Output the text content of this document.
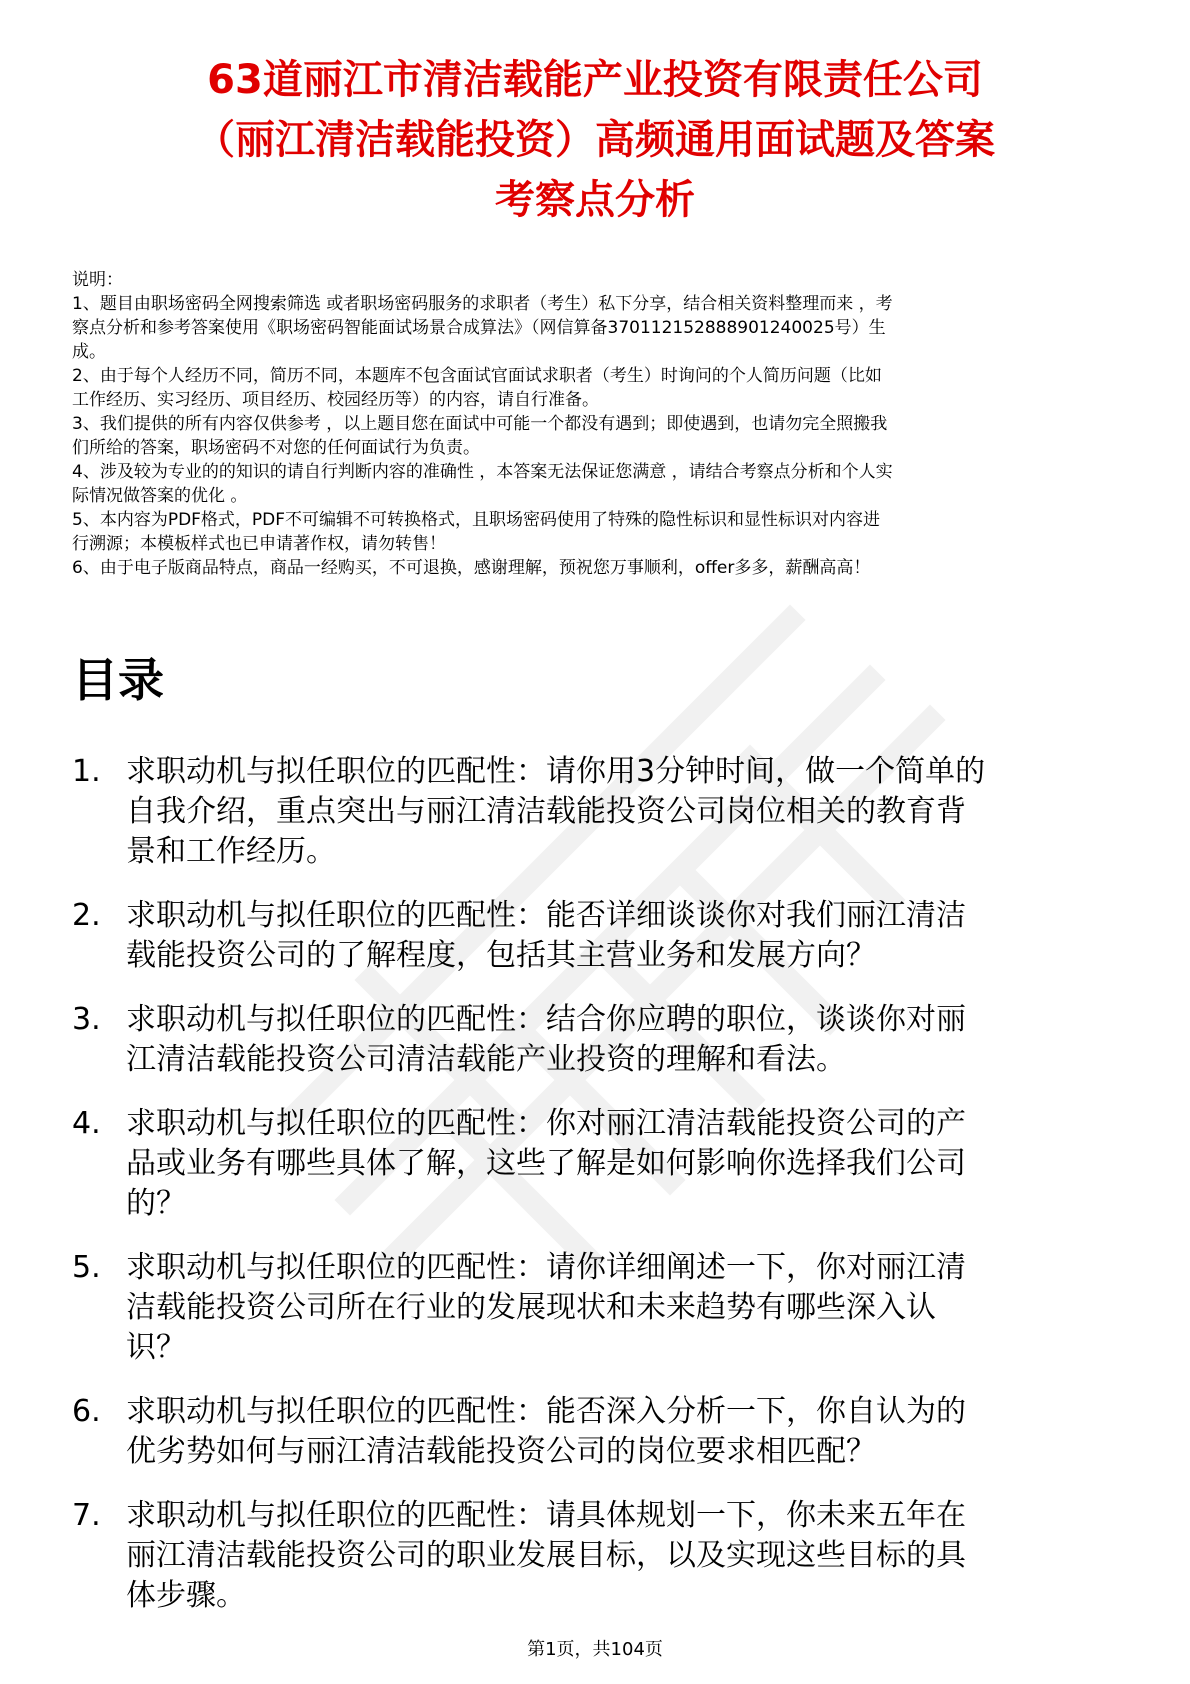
63道丽江市清洁载能产业投资有限责任公司
（丽江清洁载能投资）高频通用面试题及答案
考察点分析
说明：
1、题目由职场密码全网搜索筛选 或者职场密码服务的求职者（考生）私下分享，结合相关资料整理而来 ，考
察点分析和参考答案使用《职场密码智能面试场景合成算法》（网信算备370112152888901240025号）生
成。
2、由于每个人经历不同，简历不同，本题库不包含面试官面试求职者（考生）时询问的个人简历问题（比如
工作经历、实习经历、项目经历、校园经历等）的内容，请自行准备。
3、我们提供的所有内容仅供参考 ，以上题目您在面试中可能一个都没有遇到；即使遇到，也请勿完全照搬我
们所给的答案，职场密码不对您的任何面试行为负责。
4、涉及较为专业的的知识的请自行判断内容的准确性 ，本答案无法保证您满意 ，请结合考察点分析和个人实
际情况做答案的优化 。
5、本内容为PDF格式，PDF不可编辑不可转换格式，且职场密码使用了特殊的隐性标识和显性标识对内容进
行溯源；本模板样式也已申请著作权，请勿转售！
6、由于电子版商品特点，商品一经购买，不可退换，感谢理解，预祝您万事顺利，offer多多，薪酬高高！
目录
1. 求职动机与拟任职位的匹配性：请你用3分钟时间，做一个简单的
自我介绍，重点突出与丽江清洁载能投资公司岗位相关的教育背
景和工作经历。
2. 求职动机与拟任职位的匹配性：能否详细谈谈你对我们丽江清洁
载能投资公司的了解程度，包括其主营业务和发展方向？
3. 求职动机与拟任职位的匹配性：结合你应聘的职位，谈谈你对丽
江清洁载能投资公司清洁载能产业投资的理解和看法。
4. 求职动机与拟任职位的匹配性：你对丽江清洁载能投资公司的产
品或业务有哪些具体了解，这些了解是如何影响你选择我们公司
的？
5. 求职动机与拟任职位的匹配性：请你详细阐述一下，你对丽江清
洁载能投资公司所在行业的发展现状和未来趋势有哪些深入认
识？
6. 求职动机与拟任职位的匹配性：能否深入分析一下，你自认为的
优劣势如何与丽江清洁载能投资公司的岗位要求相匹配？
7. 求职动机与拟任职位的匹配性：请具体规划一下，你未来五年在
丽江清洁载能投资公司的职业发展目标，以及实现这些目标的具
体步骤。
第1页，共104页
